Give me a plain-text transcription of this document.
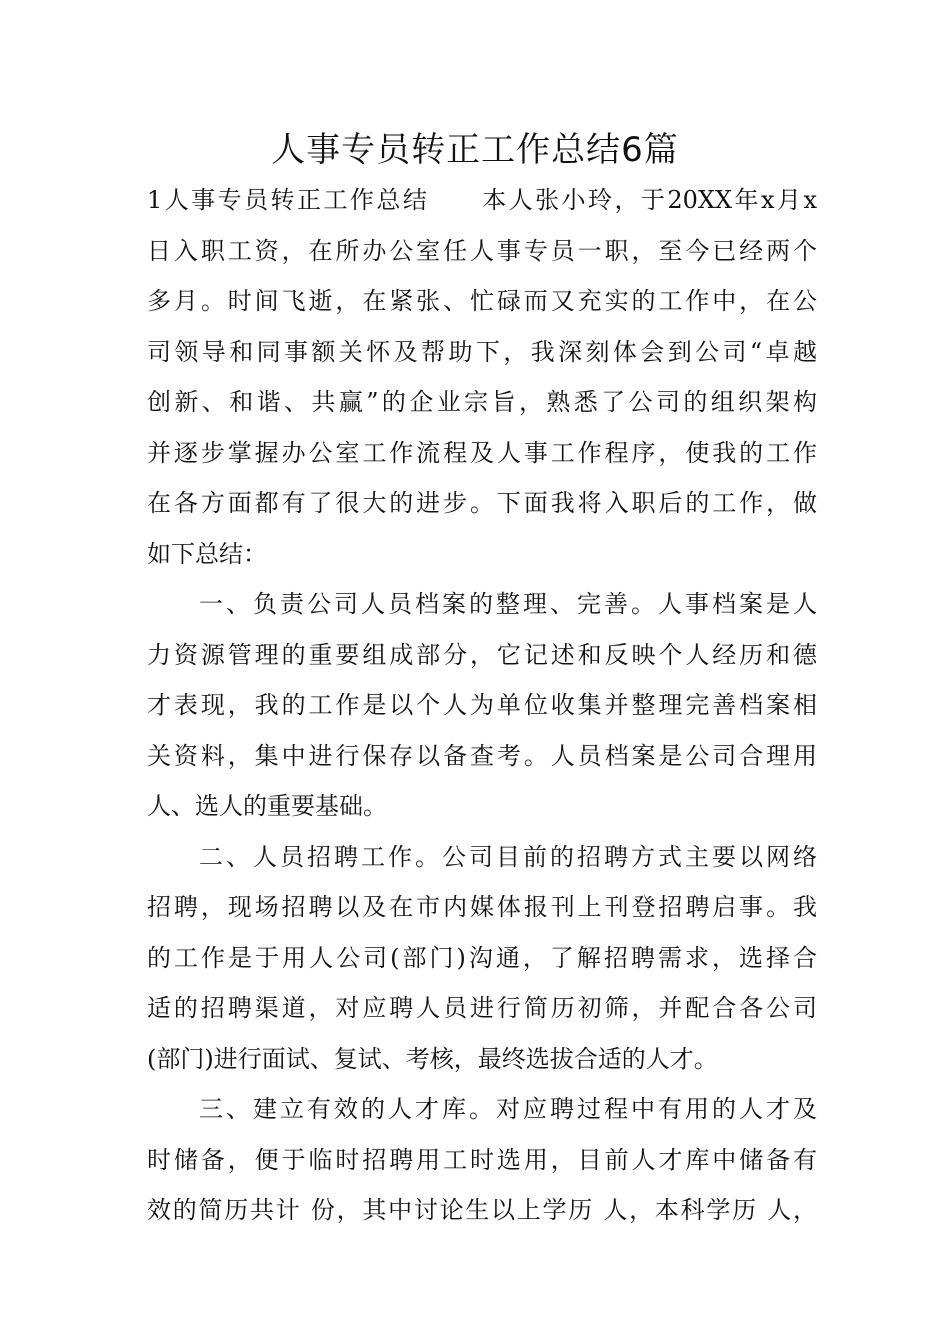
人事专员转正工作总结6篇
1人事专员转正工作总结　　本人张小玲，于20XX年x月x
日入职工资，在所办公室任人事专员一职，至今已经两个
多月。时间飞逝，在紧张、忙碌而又充实的工作中，在公
司领导和同事额关怀及帮助下，我深刻体会到公司“卓越
创新、和谐、共赢”的企业宗旨，熟悉了公司的组织架构
并逐步掌握办公室工作流程及人事工作程序，使我的工作
在各方面都有了很大的进步。下面我将入职后的工作，做
如下总结：
一、负责公司人员档案的整理、完善。人事档案是人
力资源管理的重要组成部分，它记述和反映个人经历和德
才表现，我的工作是以个人为单位收集并整理完善档案相
关资料，集中进行保存以备查考。人员档案是公司合理用
人、选人的重要基础。
二、人员招聘工作。公司目前的招聘方式主要以网络
招聘，现场招聘以及在市内媒体报刊上刊登招聘启事。我
的工作是于用人公司(部门)沟通，了解招聘需求，选择合
适的招聘渠道，对应聘人员进行简历初筛，并配合各公司
(部门)进行面试、复试、考核，最终选拔合适的人才。
三、建立有效的人才库。对应聘过程中有用的人才及
时储备，便于临时招聘用工时选用，目前人才库中储备有
效的简历共计 份，其中讨论生以上学历 人，本科学历 人，
